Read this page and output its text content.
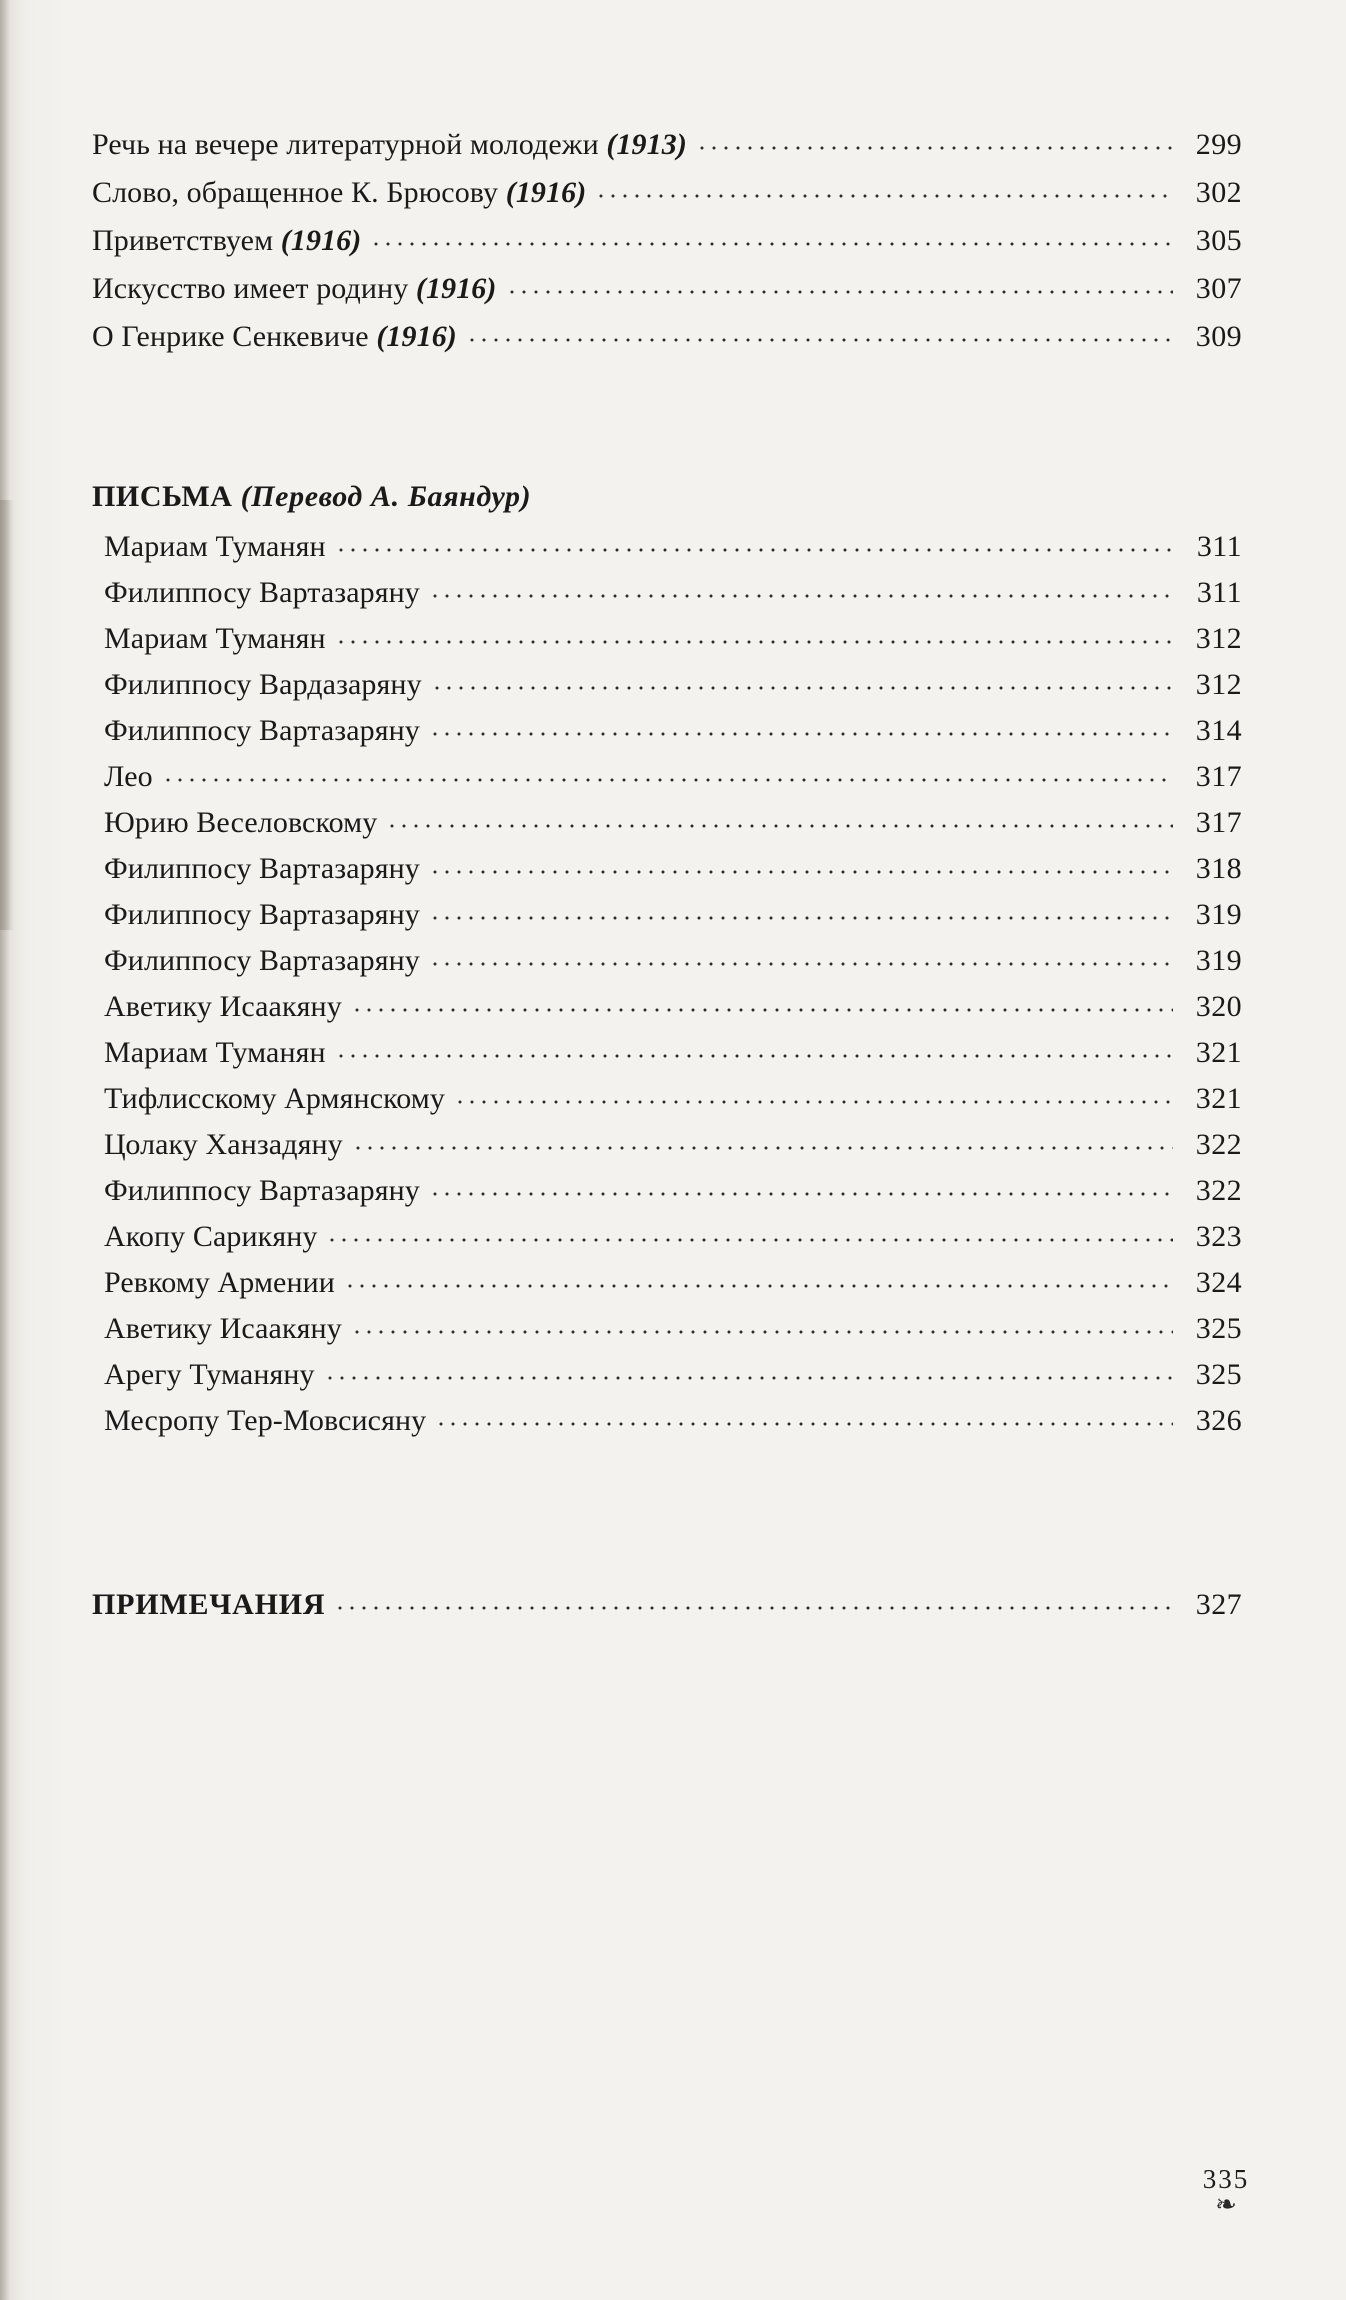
Речь на вечере литературной молодежи (1913)	299
Слово, обращенное К. Брюсову (1916)	302
Приветствуем (1916)	305
Искусство имеет родину (1916)	307
О Генрике Сенкевиче (1916)	309
ПИСЬМА (Перевод А. Баяндур)
Мариам Туманян	311
Филиппосу Вартазаряну	311
Мариам Туманян	312
Филиппосу Вардазаряну	312
Филиппосу Вартазаряну	314
Лео	317
Юрию Веселовскому	317
Филиппосу Вартазаряну	318
Филиппосу Вартазаряну	319
Филиппосу Вартазаряну	319
Аветику Исаакяну	320
Мариам Туманян	321
Тифлисскому Армянскому	321
Цолаку Ханзадяну	322
Филиппосу Вартазаряну	322
Акопу Сарикяну	323
Ревкому Армении	324
Аветику Исаакяну	325
Арегу Туманяну	325
Месропу Тер-Мовсисяну	326
ПРИМЕЧАНИЯ	327
335
❧
